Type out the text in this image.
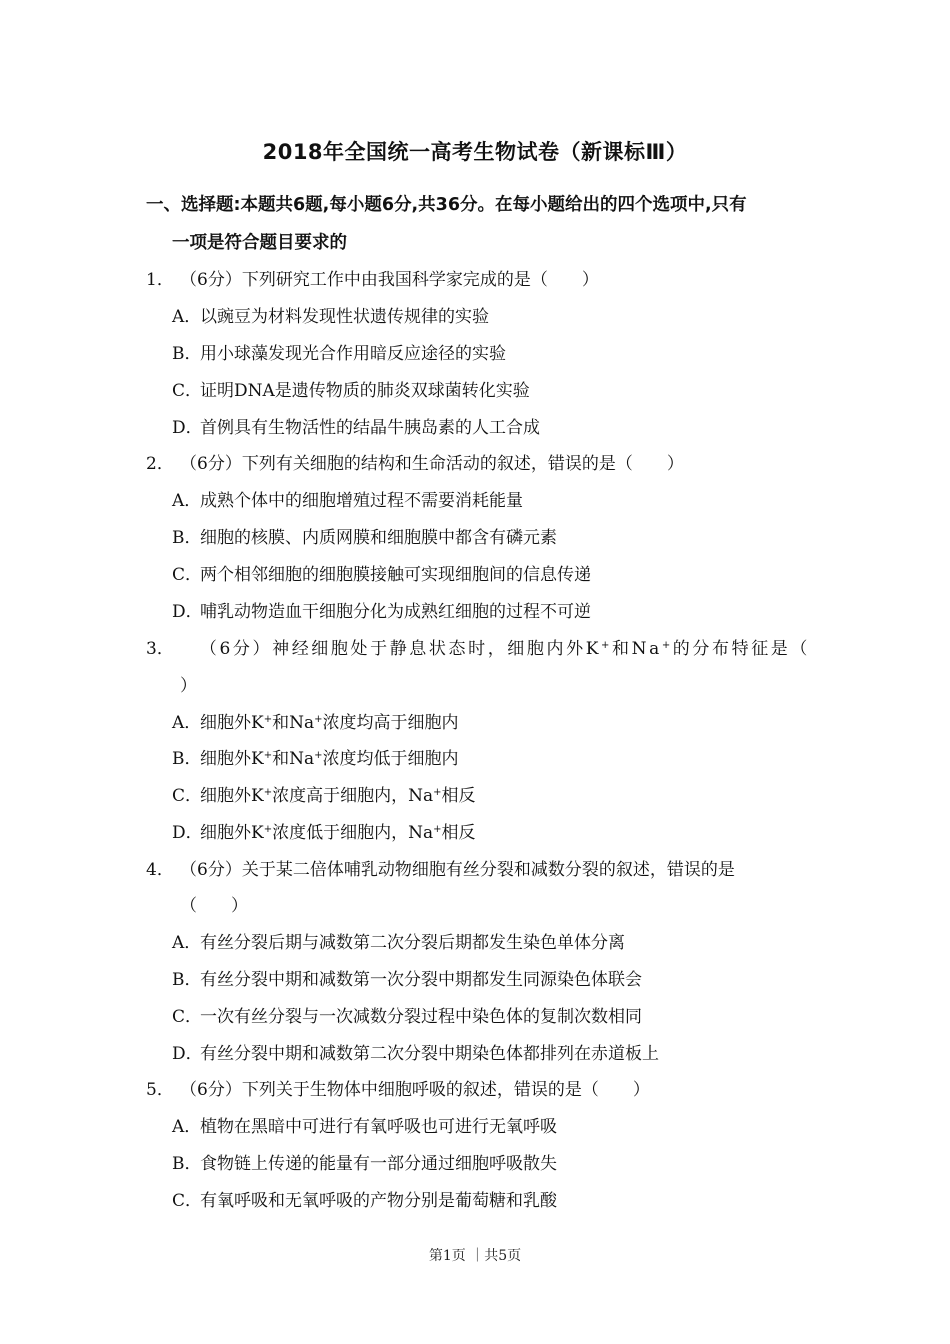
2018年全国统一高考生物试卷（新课标Ⅲ）
一、选择题:本题共6题,每小题6分,共36分。在每小题给出的四个选项中,只有
一项是符合题目要求的
1． （6分）下列研究工作中由我国科学家完成的是（　　）
A．以豌豆为材料发现性状遗传规律的实验
B．用小球藻发现光合作用暗反应途径的实验
C．证明DNA是遗传物质的肺炎双球菌转化实验
D．首例具有生物活性的结晶牛胰岛素的人工合成
2． （6分）下列有关细胞的结构和生命活动的叙述，错误的是（　　）
A．成熟个体中的细胞增殖过程不需要消耗能量
B．细胞的核膜、内质网膜和细胞膜中都含有磷元素
C．两个相邻细胞的细胞膜接触可实现细胞间的信息传递
D．哺乳动物造血干细胞分化为成熟红细胞的过程不可逆
3．	（6分）神经细胞处于静息状态时，细胞内外K+和Na+的分布特征是（
）
A．细胞外K+和Na+浓度均高于细胞内
B．细胞外K+和Na+浓度均低于细胞内
C．细胞外K+浓度高于细胞内，Na+相反
D．细胞外K+浓度低于细胞内，Na+相反
4． （6分）关于某二倍体哺乳动物细胞有丝分裂和减数分裂的叙述，错误的是
（　　）
A．有丝分裂后期与减数第二次分裂后期都发生染色单体分离
B．有丝分裂中期和减数第一次分裂中期都发生同源染色体联会
C．一次有丝分裂与一次减数分裂过程中染色体的复制次数相同
D．有丝分裂中期和减数第二次分裂中期染色体都排列在赤道板上
5． （6分）下列关于生物体中细胞呼吸的叙述，错误的是（　　）
A．植物在黑暗中可进行有氧呼吸也可进行无氧呼吸
B．食物链上传递的能量有一部分通过细胞呼吸散失
C．有氧呼吸和无氧呼吸的产物分别是葡萄糖和乳酸
第1页 ｜共5页
